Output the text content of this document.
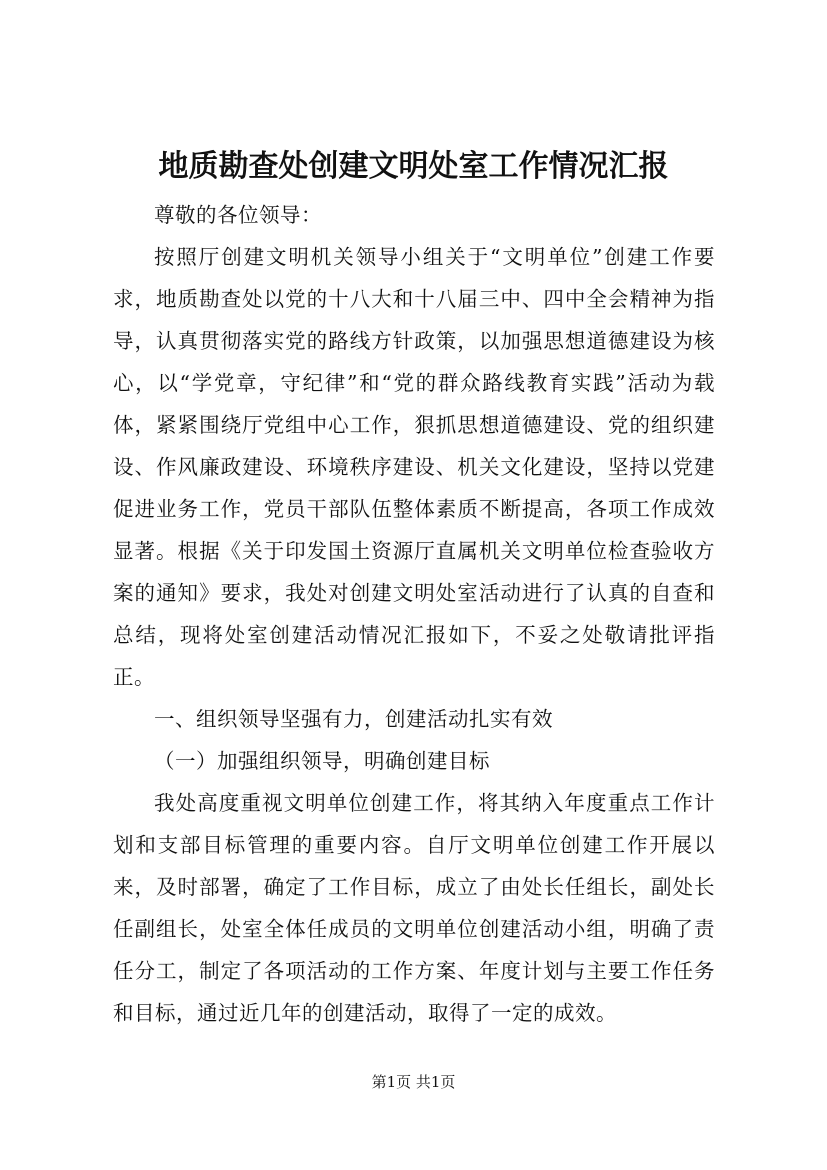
地质勘查处创建文明处室工作情况汇报

尊敬的各位领导：

按照厅创建文明机关领导小组关于“文明单位”创建工作要求，地质勘查处以党的十八大和十八届三中、四中全会精神为指导，认真贯彻落实党的路线方针政策，以加强思想道德建设为核心，以“学党章，守纪律”和“党的群众路线教育实践”活动为载体，紧紧围绕厅党组中心工作，狠抓思想道德建设、党的组织建设、作风廉政建设、环境秩序建设、机关文化建设，坚持以党建促进业务工作，党员干部队伍整体素质不断提高，各项工作成效显著。根据《关于印发国土资源厅直属机关文明单位检查验收方案的通知》要求，我处对创建文明处室活动进行了认真的自查和总结，现将处室创建活动情况汇报如下，不妥之处敬请批评指正。

一、组织领导坚强有力，创建活动扎实有效

（一）加强组织领导，明确创建目标

我处高度重视文明单位创建工作，将其纳入年度重点工作计划和支部目标管理的重要内容。自厅文明单位创建工作开展以来，及时部署，确定了工作目标，成立了由处长任组长，副处长任副组长，处室全体任成员的文明单位创建活动小组，明确了责任分工，制定了各项活动的工作方案、年度计划与主要工作任务和目标，通过近几年的创建活动，取得了一定的成效。

第1页 共1页
